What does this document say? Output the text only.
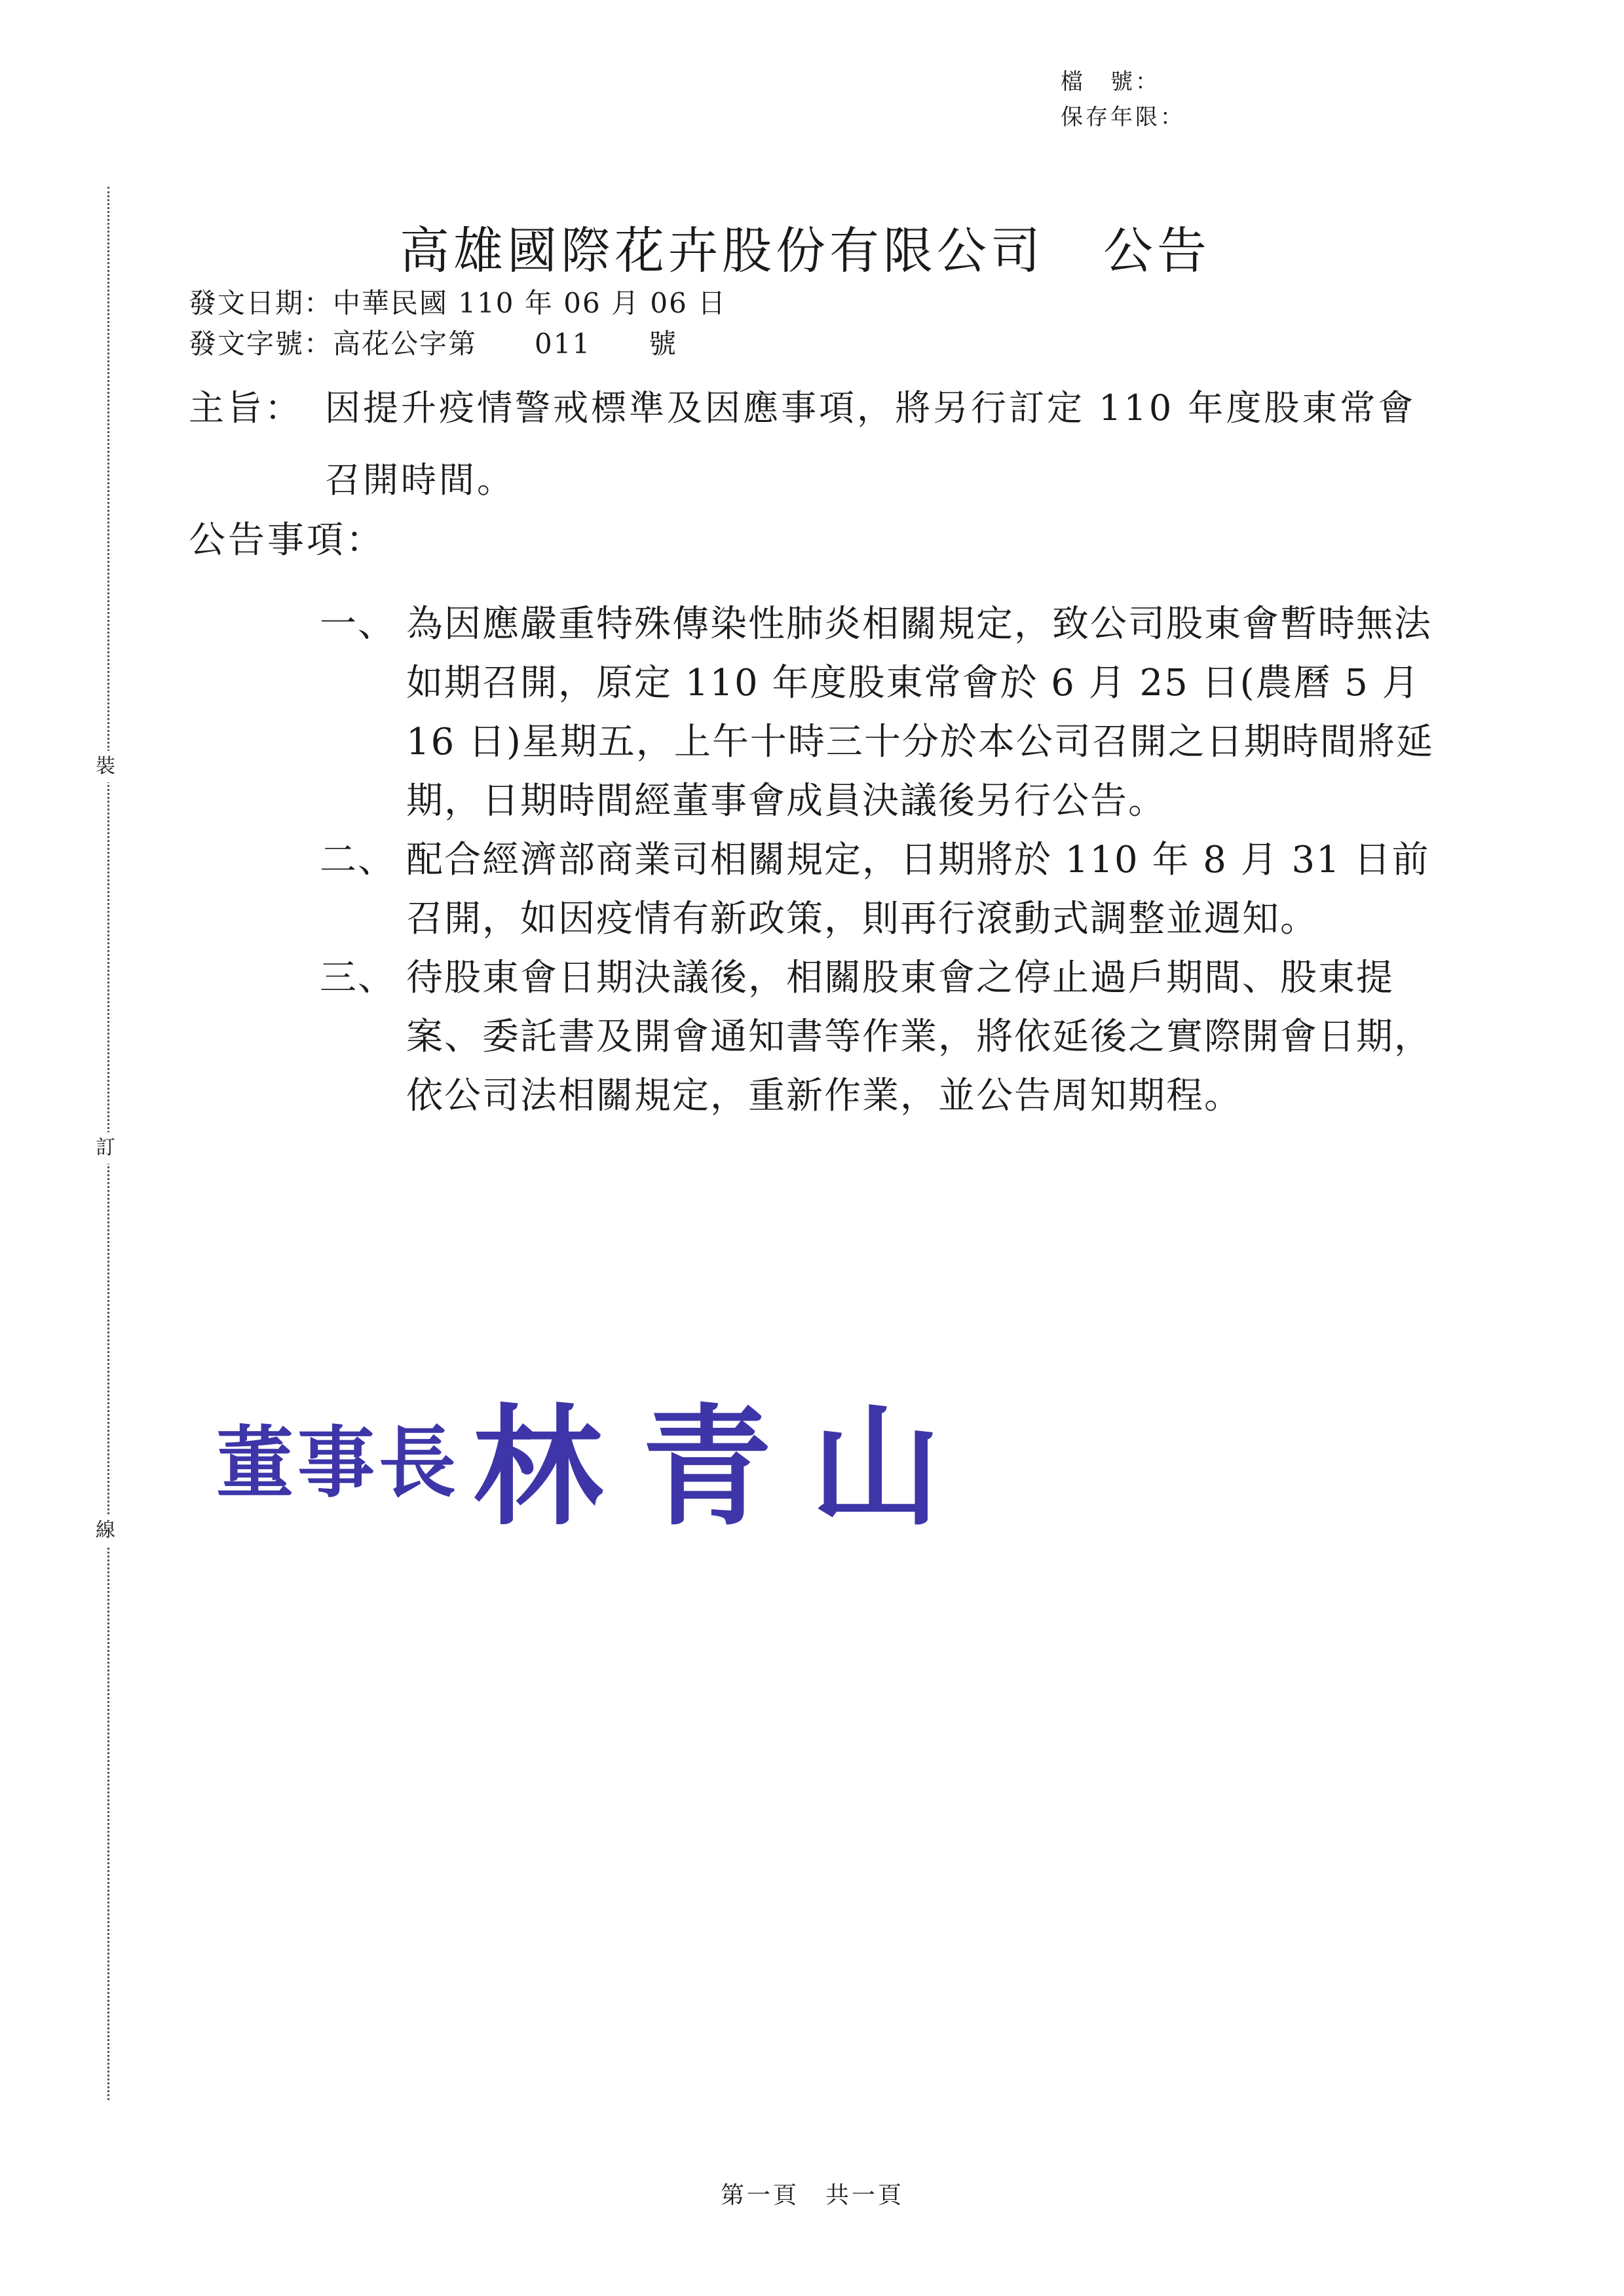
檔　號：
保存年限：
裝
訂
線
高雄國際花卉股份有限公司 公告
發文日期：中華民國 110 年 06 月 06 日
發文字號：高花公字第　　011　　號
主旨： 因提升疫情警戒標準及因應事項，將另行訂定 110 年度股東常會召開時間。
公告事項：
一、 為因應嚴重特殊傳染性肺炎相關規定，致公司股東會暫時無法如期召開，原定 110 年度股東常會於 6 月 25 日(農曆 5 月 16 日)星期五，上午十時三十分於本公司召開之日期時間將延期，日期時間經董事會成員決議後另行公告。
二、 配合經濟部商業司相關規定，日期將於 110 年 8 月 31 日前召開，如因疫情有新政策，則再行滾動式調整並週知。
三、 待股東會日期決議後，相關股東會之停止過戶期間、股東提案、委託書及開會通知書等作業，將依延後之實際開會日期，依公司法相關規定，重新作業，並公告周知期程。
董事長 林青山
第一頁　共一頁
